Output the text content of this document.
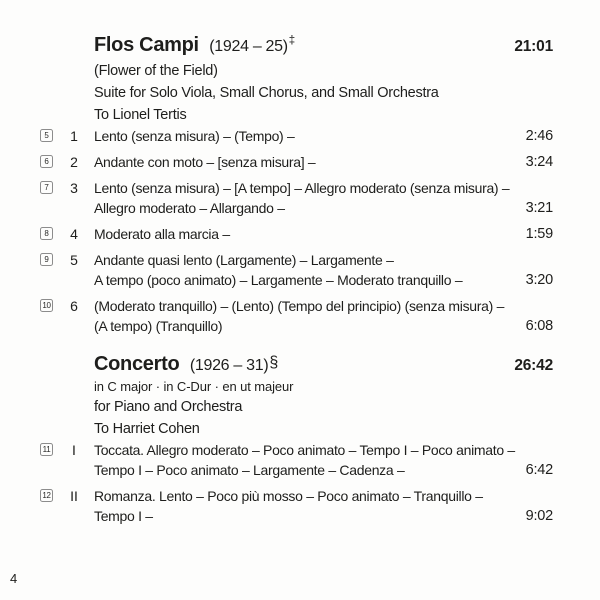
Flos Campi (1924 – 25)‡	21:01
(Flower of the Field)
Suite for Solo Viola, Small Chorus, and Small Orchestra
To Lionel Tertis
5	1	Lento (senza misura) – (Tempo) –	2:46
6	2	Andante con moto – [senza misura] –	3:24
7	3	Lento (senza misura) – [A tempo] – Allegro moderato (senza misura) –
Allegro moderato – Allargando –	3:21
8	4	Moderato alla marcia –	1:59
9	5	Andante quasi lento (Largamente) – Largamente –
A tempo (poco animato) – Largamente – Moderato tranquillo –	3:20
10	6	(Moderato tranquillo) – (Lento) (Tempo del principio) (senza misura) –
(A tempo) (Tranquillo)	6:08
Concerto (1926 – 31)§	26:42
in C major · in C-Dur · en ut majeur
for Piano and Orchestra
To Harriet Cohen
11	I	Toccata. Allegro moderato – Poco animato – Tempo I – Poco animato –
Tempo I – Poco animato – Largamente – Cadenza –	6:42
12	II	Romanza. Lento – Poco più mosso – Poco animato – Tranquillo –
Tempo I –	9:02
4
